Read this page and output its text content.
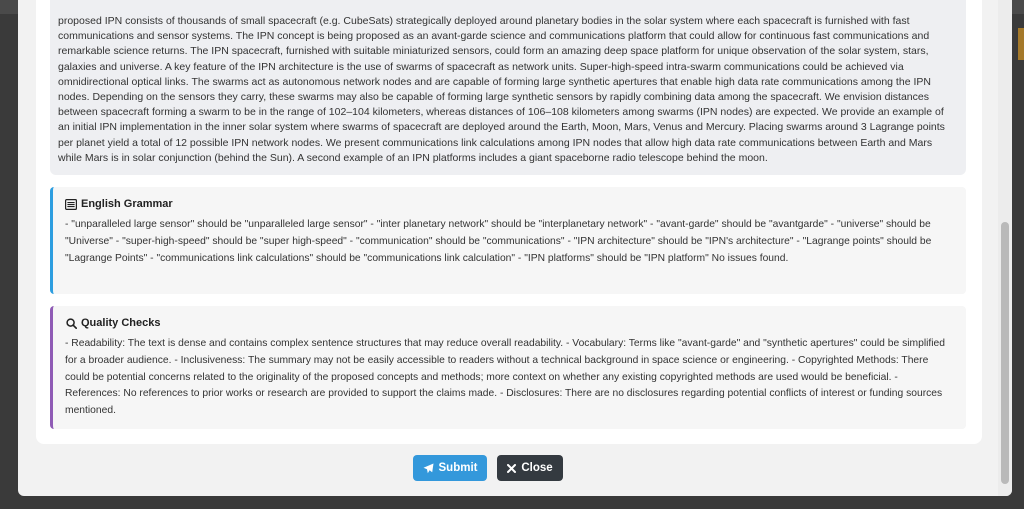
proposed IPN consists of thousands of small spacecraft (e.g. CubeSats) strategically deployed around planetary bodies in the solar system where each spacecraft is furnished with fast communications and sensor systems. The IPN concept is being proposed as an avant-garde science and communications platform that could allow for continuous fast communications and remarkable science returns. The IPN spacecraft, furnished with suitable miniaturized sensors, could form an amazing deep space platform for unique observation of the solar system, stars, galaxies and universe. A key feature of the IPN architecture is the use of swarms of spacecraft as network units. Super-high-speed intra-swarm communications could be achieved via omnidirectional optical links. The swarms act as autonomous network nodes and are capable of forming large synthetic apertures that enable high data rate communications among the IPN nodes. Depending on the sensors they carry, these swarms may also be capable of forming large synthetic sensors by rapidly combining data among the spacecraft. We envision distances between spacecraft forming a swarm to be in the range of 102–104 kilometers, whereas distances of 106–108 kilometers among swarms (IPN nodes) are expected. We provide an example of an initial IPN implementation in the inner solar system where swarms of spacecraft are deployed around the Earth, Moon, Mars, Venus and Mercury. Placing swarms around 3 Lagrange points per planet yield a total of 12 possible IPN network nodes. We present communications link calculations among IPN nodes that allow high data rate communications between Earth and Mars while Mars is in solar conjunction (behind the Sun). A second example of an IPN platforms includes a giant spaceborne radio telescope behind the moon.

English Grammar

- "unparalleled large sensor" should be "unparalleled large sensor" - "inter planetary network" should be "interplanetary network" - "avant-garde" should be "avantgarde" - "universe" should be "Universe" - "super-high-speed" should be "super high-speed" - "communication" should be "communications" - "IPN architecture" should be "IPN's architecture" - "Lagrange points" should be "Lagrange Points" - "communications link calculations" should be "communications link calculation" - "IPN platforms" should be "IPN platform" No issues found.

Quality Checks

- Readability: The text is dense and contains complex sentence structures that may reduce overall readability. - Vocabulary: Terms like "avant-garde" and "synthetic apertures" could be simplified for a broader audience. - Inclusiveness: The summary may not be easily accessible to readers without a technical background in space science or engineering. - Copyrighted Methods: There could be potential concerns related to the originality of the proposed concepts and methods; more context on whether any existing copyrighted methods are used would be beneficial. - References: No references to prior works or research are provided to support the claims made. - Disclosures: There are no disclosures regarding potential conflicts of interest or funding sources mentioned.

Submit	Close
